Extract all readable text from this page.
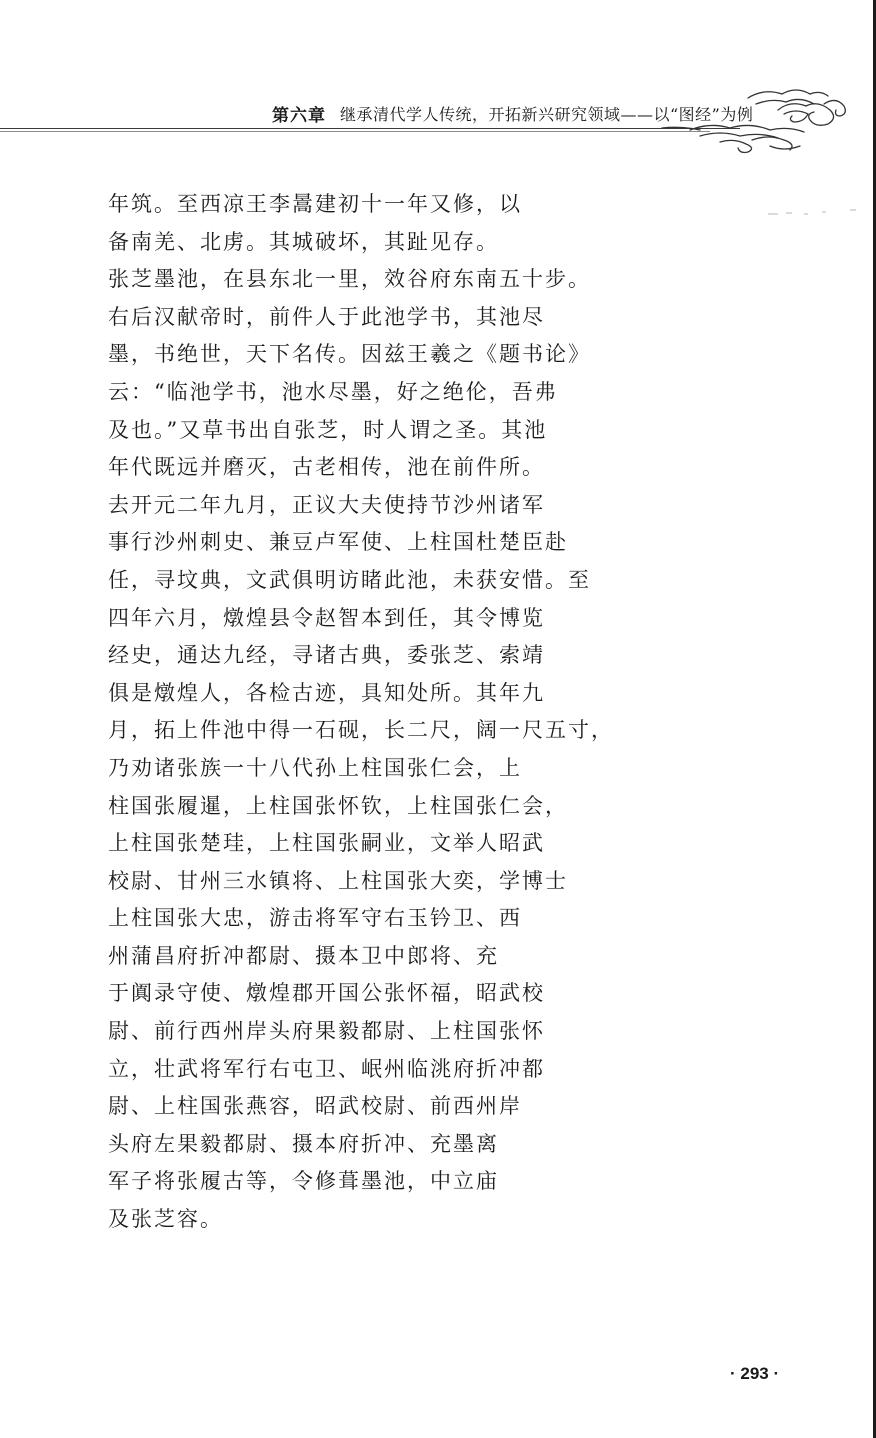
第六章 继承清代学人传统，开拓新兴研究领域——以“图经”为例
年筑。至西凉王李暠建初十一年又修，以
备南羌、北虏。其城破坏，其趾见存。
张芝墨池，在县东北一里，效谷府东南五十步。
右后汉献帝时，前件人于此池学书，其池尽
墨，书绝世，天下名传。因兹王羲之《题书论》
云：“临池学书，池水尽墨，好之绝伦，吾弗
及也。”又草书出自张芝，时人谓之圣。其池
年代既远并磨灭，古老相传，池在前件所。
去开元二年九月，正议大夫使持节沙州诸军
事行沙州刺史、兼豆卢军使、上柱国杜楚臣赴
任，寻坟典，文武俱明访睹此池，未获安惜。至
四年六月，燉煌县令赵智本到任，其令博览
经史，通达九经，寻诸古典，委张芝、索靖
俱是燉煌人，各检古迹，具知处所。其年九
月，拓上件池中得一石砚，长二尺，阔一尺五寸，
乃劝诸张族一十八代孙上柱国张仁会，上
柱国张履暹，上柱国张怀钦，上柱国张仁会，
上柱国张楚珪，上柱国张嗣业，文举人昭武
校尉、甘州三水镇将、上柱国张大奕，学博士
上柱国张大忠，游击将军守右玉钤卫、西
州蒲昌府折冲都尉、摄本卫中郎将、充
于阗录守使、燉煌郡开国公张怀福，昭武校
尉、前行西州岸头府果毅都尉、上柱国张怀
立，壮武将军行右屯卫、岷州临洮府折冲都
尉、上柱国张燕容，昭武校尉、前西州岸
头府左果毅都尉、摄本府折冲、充墨离
军子将张履古等，令修葺墨池，中立庙
及张芝容。
· 293 ·
